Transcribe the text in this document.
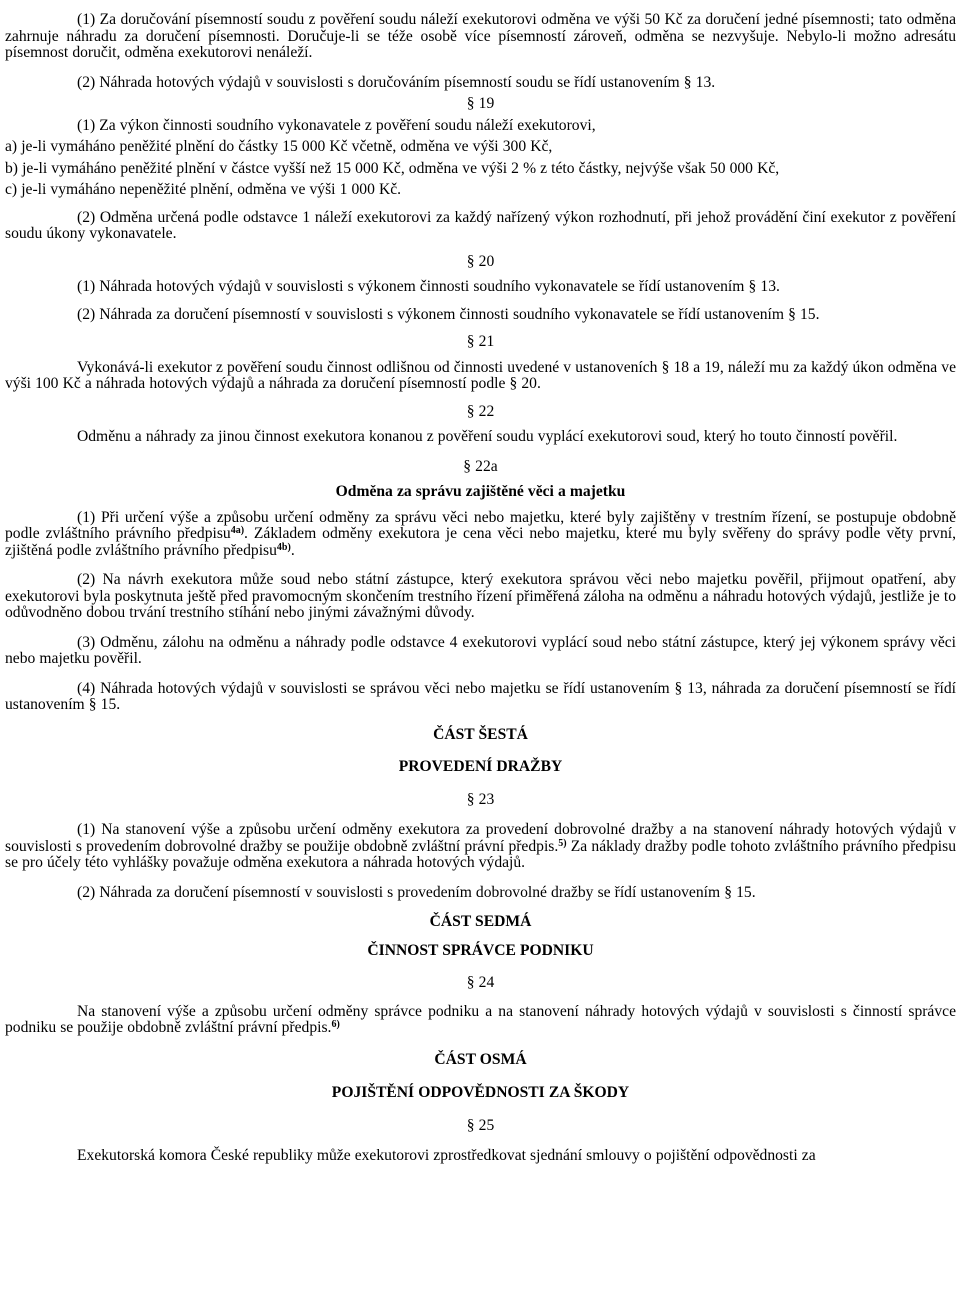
(1) Za doručování písemností soudu z pověření soudu náleží exekutorovi odměna ve výši 50 Kč za doručení jedné písemnosti; tato odměna zahrnuje náhradu za doručení písemnosti. Doručuje-li se téže osobě více písemností zároveň, odměna se nezvyšuje. Nebylo-li možno adresátu písemnost doručit, odměna exekutorovi nenáleží.

(2) Náhrada hotových výdajů v souvislosti s doručováním písemností soudu se řídí ustanovením § 13.

§ 19

(1) Za výkon činnosti soudního vykonavatele z pověření soudu náleží exekutorovi,

a) je-li vymáháno peněžité plnění do částky 15 000 Kč včetně, odměna ve výši 300 Kč,

b) je-li vymáháno peněžité plnění v částce vyšší než 15 000 Kč, odměna ve výši 2 % z této částky, nejvýše však 50 000 Kč,

c) je-li vymáháno nepeněžité plnění, odměna ve výši 1 000 Kč.

(2) Odměna určená podle odstavce 1 náleží exekutorovi za každý nařízený výkon rozhodnutí, při jehož provádění činí exekutor z pověření soudu úkony vykonavatele.

§ 20

(1) Náhrada hotových výdajů v souvislosti s výkonem činnosti soudního vykonavatele se řídí ustanovením § 13.

(2) Náhrada za doručení písemností v souvislosti s výkonem činnosti soudního vykonavatele se řídí ustanovením § 15.

§ 21

Vykonává-li exekutor z pověření soudu činnost odlišnou od činnosti uvedené v ustanoveních § 18 a 19, náleží mu za každý úkon odměna ve výši 100 Kč a náhrada hotových výdajů a náhrada za doručení písemností podle § 20.

§ 22

Odměnu a náhrady za jinou činnost exekutora konanou z pověření soudu vyplácí exekutorovi soud, který ho touto činností pověřil.

§ 22a

Odměna za správu zajištěné věci a majetku

(1) Při určení výše a způsobu určení odměny za správu věci nebo majetku, které byly zajištěny v trestním řízení, se postupuje obdobně podle zvláštního právního předpisu$^{4a)}$. Základem odměny exekutora je cena věci nebo majetku, které mu byly svěřeny do správy podle věty první, zjištěná podle zvláštního právního předpisu$^{4b)}$.

(2) Na návrh exekutora může soud nebo státní zástupce, který exekutora správou věci nebo majetku pověřil, přijmout opatření, aby exekutorovi byla poskytnuta ještě před pravomocným skončením trestního řízení přiměřená záloha na odměnu a náhradu hotových výdajů, jestliže je to odůvodněno dobou trvání trestního stíhání nebo jinými závažnými důvody.

(3) Odměnu, zálohu na odměnu a náhrady podle odstavce 4 exekutorovi vyplácí soud nebo státní zástupce, který jej výkonem správy věci nebo majetku pověřil.

(4) Náhrada hotových výdajů v souvislosti se správou věci nebo majetku se řídí ustanovením § 13, náhrada za doručení písemností se řídí ustanovením § 15.

ČÁST ŠESTÁ

PROVEDENÍ DRAŽBY

§ 23

(1) Na stanovení výše a způsobu určení odměny exekutora za provedení dobrovolné dražby a na stanovení náhrady hotových výdajů v souvislosti s provedením dobrovolné dražby se použije obdobně zvláštní právní předpis.$^{5)}$ Za náklady dražby podle tohoto zvláštního právního předpisu se pro účely této vyhlášky považuje odměna exekutora a náhrada hotových výdajů.

(2) Náhrada za doručení písemností v souvislosti s provedením dobrovolné dražby se řídí ustanovením § 15.

ČÁST SEDMÁ

ČINNOST SPRÁVCE PODNIKU

§ 24

Na stanovení výše a způsobu určení odměny správce podniku a na stanovení náhrady hotových výdajů v souvislosti s činností správce podniku se použije obdobně zvláštní právní předpis.$^{6)}$

ČÁST OSMÁ

POJIŠTĚNÍ ODPOVĚDNOSTI ZA ŠKODY

§ 25

Exekutorská komora České republiky může exekutorovi zprostředkovat sjednání smlouvy o pojištění odpovědnosti za
